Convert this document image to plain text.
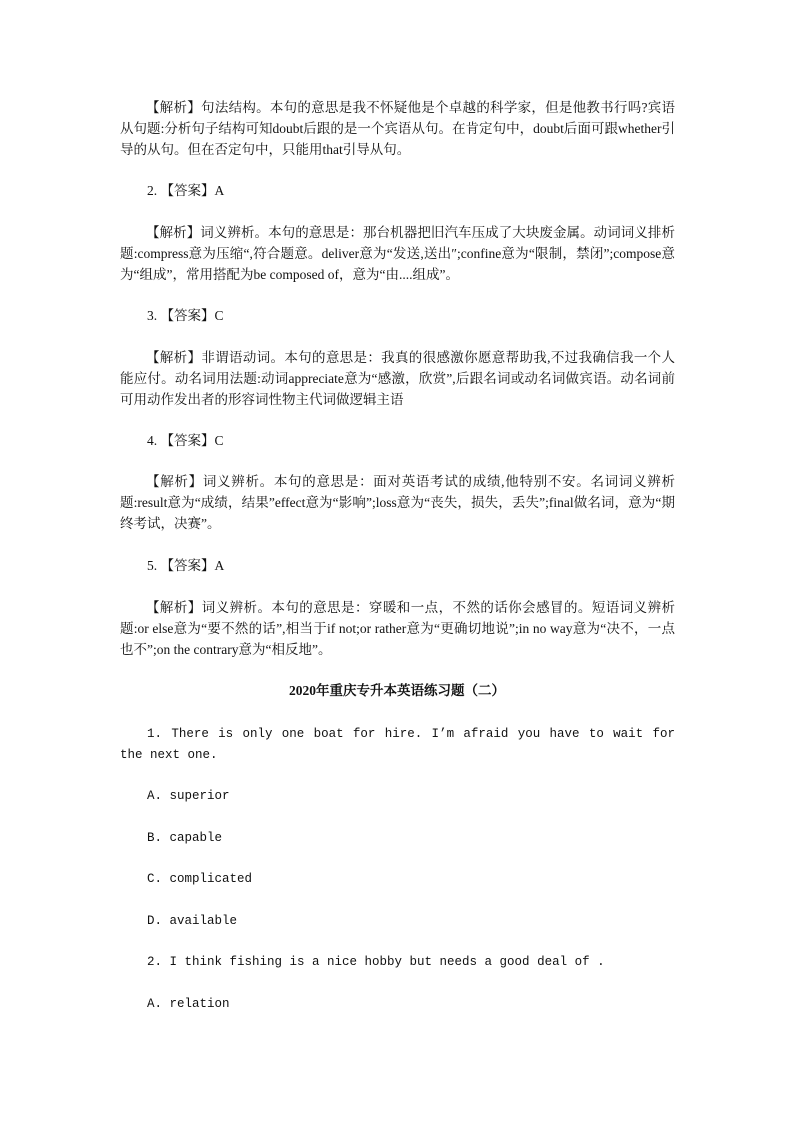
【解析】句法结构。本句的意思是我不怀疑他是个卓越的科学家，但是他教书行吗?宾语从句题:分析句子结构可知doubt后跟的是一个宾语从句。在肯定句中，doubt后面可跟whether引导的从句。但在否定句中，只能用that引导从句。
2. 【答案】A
【解析】词义辨析。本句的意思是：那台机器把旧汽车压成了大块废金属。动词词义排析题:compress意为压缩“,符合题意。deliver意为“发送,送出″;confine意为“限制，禁闭”;compose意为“组成”，常用搭配为be composed of，意为“由....组成”。
3. 【答案】C
【解析】非谓语动词。本句的意思是：我真的很感激你愿意帮助我,不过我确信我一个人能应付。动名词用法题:动词appreciate意为“感激，欣赏”,后跟名词或动名词做宾语。动名词前可用动作发出者的形容词性物主代词做逻辑主语
4. 【答案】C
【解析】词义辨析。本句的意思是：面对英语考试的成绩,他特别不安。名词词义辨析题:result意为“成绩，结果”effect意为“影响”;loss意为“丧失，损失，丢失”;final做名词，意为“期终考试，决赛”。
5. 【答案】A
【解析】词义辨析。本句的意思是：穿暖和一点，不然的话你会感冒的。短语词义辨析题:or else意为“要不然的话”,相当于if not;or rather意为“更确切地说”;in no way意为“决不，一点也不”;on the contrary意为“相反地”。
2020年重庆专升本英语练习题（二）
1. There is only one boat for hire. I’m afraid you have to wait for the next one.
A. superior
B. capable
C. complicated
D. available
2. I think fishing is a nice hobby but needs a good deal of .
A. relation
